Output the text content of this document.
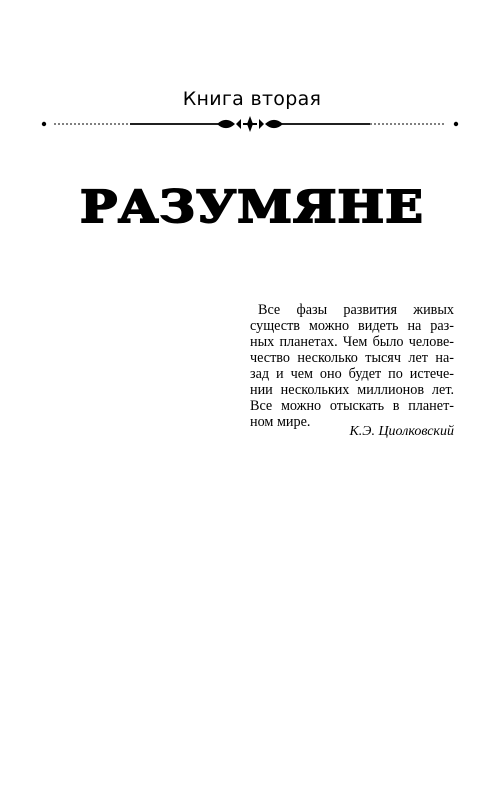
Книга вторая
РАЗУМЯНЕ
Все фазы развития живых
существ можно видеть на раз-
ных планетах. Чем было челове-
чество несколько тысяч лет на-
зад и чем оно будет по истече-
нии нескольких миллионов лет.
Все можно отыскать в планет-
ном мире.
К.Э. Циолковский
